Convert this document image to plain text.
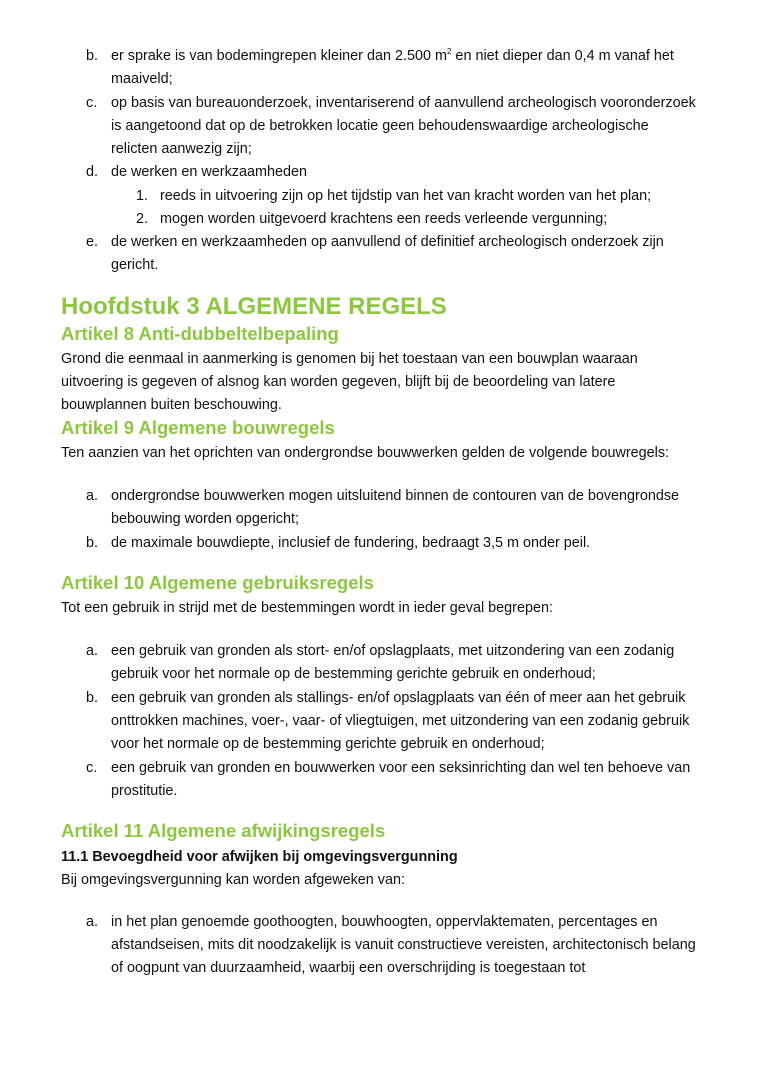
b. er sprake is van bodemingrepen kleiner dan 2.500 $m^2$ en niet dieper dan 0,4 m vanaf het maaiveld;
c. op basis van bureauonderzoek, inventariserend of aanvullend archeologisch vooronderzoek is aangetoond dat op de betrokken locatie geen behoudenswaardige archeologische relicten aanwezig zijn;
d. de werken en werkzaamheden
1. reeds in uitvoering zijn op het tijdstip van het van kracht worden van het plan;
2. mogen worden uitgevoerd krachtens een reeds verleende vergunning;
e. de werken en werkzaamheden op aanvullend of definitief archeologisch onderzoek zijn gericht.
Hoofdstuk 3 ALGEMENE REGELS
Artikel 8 Anti-dubbeltelbepaling

Grond die eenmaal in aanmerking is genomen bij het toestaan van een bouwplan waaraan uitvoering is gegeven of alsnog kan worden gegeven, blijft bij de beoordeling van latere bouwplannen buiten beschouwing.

Artikel 9 Algemene bouwregels

Ten aanzien van het oprichten van ondergrondse bouwwerken gelden de volgende bouwregels:

a. ondergrondse bouwwerken mogen uitsluitend binnen de contouren van de bovengrondse bebouwing worden opgericht;
b. de maximale bouwdiepte, inclusief de fundering, bedraagt 3,5 m onder peil.
Artikel 10 Algemene gebruiksregels

Tot een gebruik in strijd met de bestemmingen wordt in ieder geval begrepen:

a. een gebruik van gronden als stort- en/of opslagplaats, met uitzondering van een zodanig gebruik voor het normale op de bestemming gerichte gebruik en onderhoud;
b. een gebruik van gronden als stallings- en/of opslagplaats van één of meer aan het gebruik onttrokken machines, voer-, vaar- of vliegtuigen, met uitzondering van een zodanig gebruik voor het normale op de bestemming gerichte gebruik en onderhoud;
c. een gebruik van gronden en bouwwerken voor een seksinrichting dan wel ten behoeve van prostitutie.
Artikel 11 Algemene afwijkingsregels
11.1 Bevoegdheid voor afwijken bij omgevingsvergunning

Bij omgevingsvergunning kan worden afgeweken van:

a. in het plan genoemde goothoogten, bouwhoogten, oppervlaktematen, percentages en afstandseisen, mits dit noodzakelijk is vanuit constructieve vereisten, architectonisch belang of oogpunt van duurzaamheid, waarbij een overschrijding is toegestaan tot
